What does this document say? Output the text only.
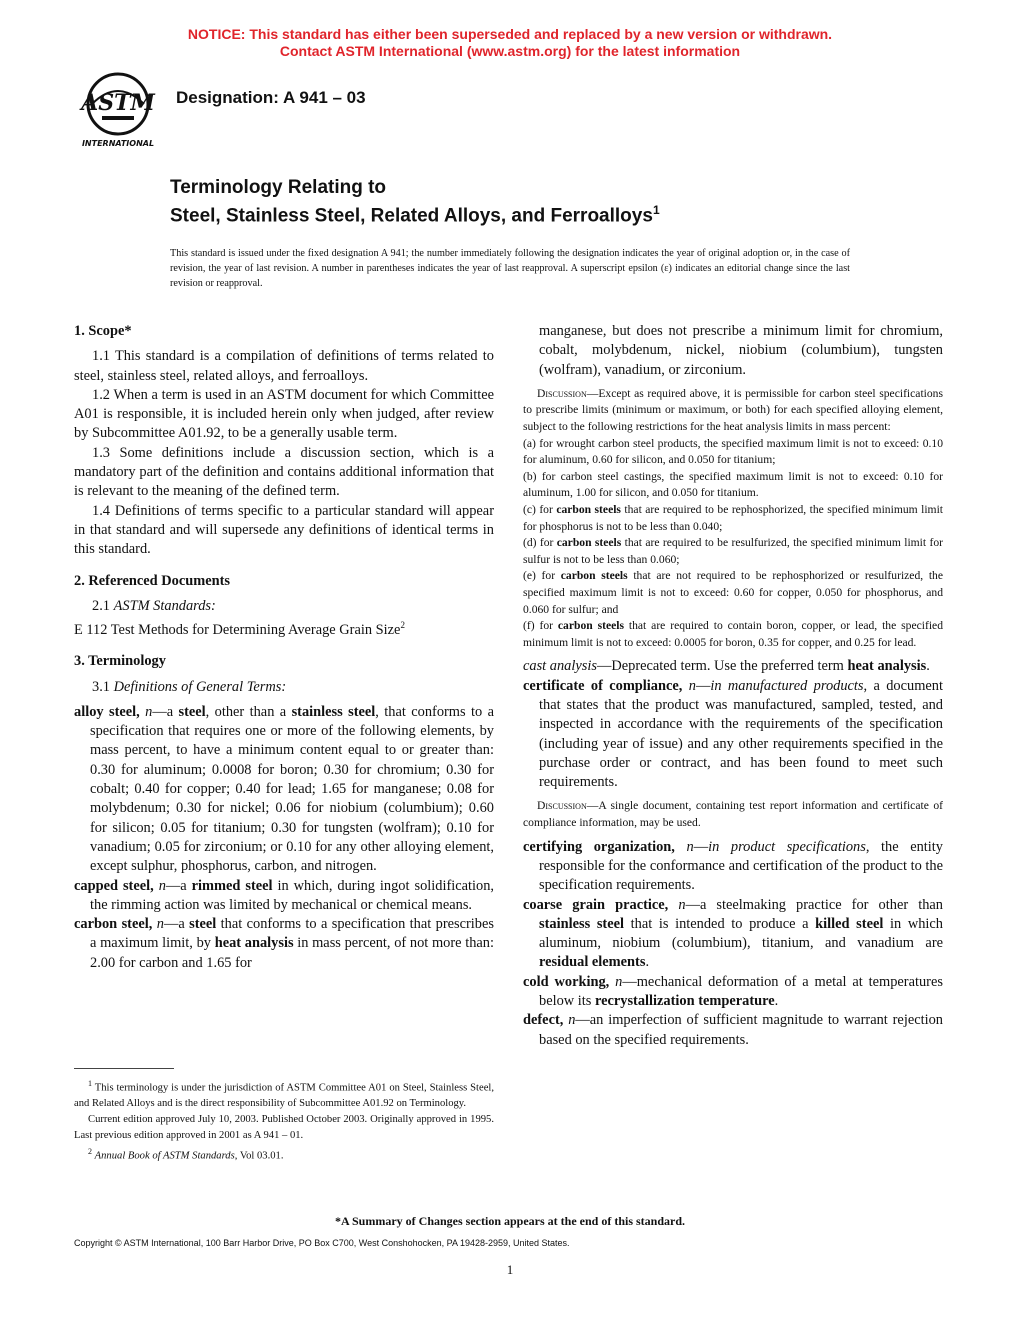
NOTICE: This standard has either been superseded and replaced by a new version or withdrawn.
Contact ASTM International (www.astm.org) for the latest information
ASTM
INTERNATIONAL
Designation: A 941 – 03
Terminology Relating to
Steel, Stainless Steel, Related Alloys, and Ferroalloys$^1$
This standard is issued under the fixed designation A 941; the number immediately following the designation indicates the year of original adoption or, in the case of revision, the year of last revision. A number in parentheses indicates the year of last reapproval. A superscript epsilon (ε) indicates an editorial change since the last revision or reapproval.

1. Scope*

1.1 This standard is a compilation of definitions of terms related to steel, stainless steel, related alloys, and ferroalloys.

1.2 When a term is used in an ASTM document for which Committee A01 is responsible, it is included herein only when judged, after review by Subcommittee A01.92, to be a generally usable term.

1.3 Some definitions include a discussion section, which is a mandatory part of the definition and contains additional information that is relevant to the meaning of the defined term.

1.4 Definitions of terms specific to a particular standard will appear in that standard and will supersede any definitions of identical terms in this standard.

2. Referenced Documents

2.1 ASTM Standards:

E 112 Test Methods for Determining Average Grain Size$^2$

3. Terminology

3.1 Definitions of General Terms:

alloy steel, n—a steel, other than a stainless steel, that conforms to a specification that requires one or more of the following elements, by mass percent, to have a minimum content equal to or greater than: 0.30 for aluminum; 0.0008 for boron; 0.30 for chromium; 0.30 for cobalt; 0.40 for copper; 0.40 for lead; 1.65 for manganese; 0.08 for molybdenum; 0.30 for nickel; 0.06 for niobium (columbium); 0.60 for silicon; 0.05 for titanium; 0.30 for tungsten (wolfram); 0.10 for vanadium; 0.05 for zirconium; or 0.10 for any other alloying element, except sulphur, phosphorus, carbon, and nitrogen.

capped steel, n—a rimmed steel in which, during ingot solidification, the rimming action was limited by mechanical or chemical means.

carbon steel, n—a steel that conforms to a specification that prescribes a maximum limit, by heat analysis in mass percent, of not more than: 2.00 for carbon and 1.65 for

$^1$ This terminology is under the jurisdiction of ASTM Committee A01 on Steel, Stainless Steel, and Related Alloys and is the direct responsibility of Subcommittee A01.92 on Terminology.

Current edition approved July 10, 2003. Published October 2003. Originally approved in 1995. Last previous edition approved in 2001 as A 941 – 01.

$^2$ Annual Book of ASTM Standards, Vol 03.01.

manganese, but does not prescribe a minimum limit for chromium, cobalt, molybdenum, nickel, niobium (columbium), tungsten (wolfram), vanadium, or zirconium.

Discussion—Except as required above, it is permissible for carbon steel specifications to prescribe limits (minimum or maximum, or both) for each specified alloying element, subject to the following restrictions for the heat analysis limits in mass percent:

(a) for wrought carbon steel products, the specified maximum limit is not to exceed: 0.10 for aluminum, 0.60 for silicon, and 0.050 for titanium;

(b) for carbon steel castings, the specified maximum limit is not to exceed: 0.10 for aluminum, 1.00 for silicon, and 0.050 for titanium.

(c) for carbon steels that are required to be rephosphorized, the specified minimum limit for phosphorus is not to be less than 0.040;

(d) for carbon steels that are required to be resulfurized, the specified minimum limit for sulfur is not to be less than 0.060;

(e) for carbon steels that are not required to be rephosphorized or resulfurized, the specified maximum limit is not to exceed: 0.60 for copper, 0.050 for phosphorus, and 0.060 for sulfur; and

(f) for carbon steels that are required to contain boron, copper, or lead, the specified minimum limit is not to exceed: 0.0005 for boron, 0.35 for copper, and 0.25 for lead.

cast analysis—Deprecated term. Use the preferred term heat analysis.

certificate of compliance, n—in manufactured products, a document that states that the product was manufactured, sampled, tested, and inspected in accordance with the requirements of the specification (including year of issue) and any other requirements specified in the purchase order or contract, and has been found to meet such requirements.

Discussion—A single document, containing test report information and certificate of compliance information, may be used.

certifying organization, n—in product specifications, the entity responsible for the conformance and certification of the product to the specification requirements.

coarse grain practice, n—a steelmaking practice for other than stainless steel that is intended to produce a killed steel in which aluminum, niobium (columbium), titanium, and vanadium are residual elements.

cold working, n—mechanical deformation of a metal at temperatures below its recrystallization temperature.

defect, n—an imperfection of sufficient magnitude to warrant rejection based on the specified requirements.

*A Summary of Changes section appears at the end of this standard.
Copyright © ASTM International, 100 Barr Harbor Drive, PO Box C700, West Conshohocken, PA 19428-2959, United States.
1
